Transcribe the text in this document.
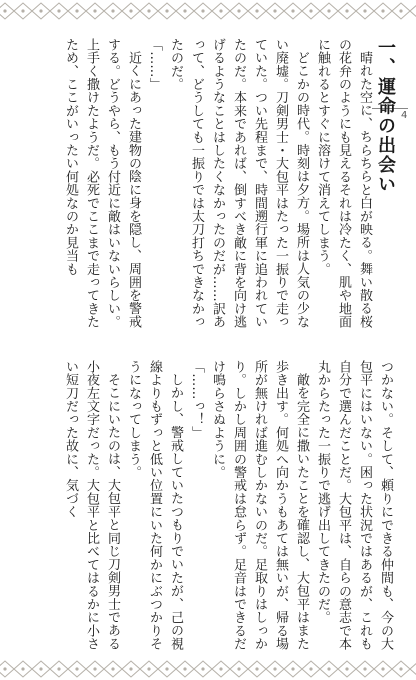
4
一、運命の出会い

晴れた空に、ちらちらと白が映る。舞い散る桜の花弁のようにも見えるそれは冷たく、肌や地面に触れるとすぐに溶けて消えてしまう。

どこかの時代。時刻は夕方。場所は人気の少ない廃墟。刀剣男士・大包平はたった一振りで走っていた。つい先程まで、時間遡行軍に追われていたのだ。本来であれば、倒すべき敵に背を向け逃げるようなことはしたくなかったのだが……訳あって、どうしても一振りでは太刀打ちできなかったのだ。

「……」

近くにあった建物の陰に身を隠し、周囲を警戒する。どうやら、もう付近に敵はいないらしい。上手く撒けたようだ。必死でここまで走ってきたため、ここがいったい何処なのか見当も

つかない。そして、頼りにできる仲間も、今の大包平にはいない。困った状況ではあるが、これも自分で選んだことだ。大包平は、自らの意志で本丸からたった一振りで逃げ出してきたのだ。

敵を完全に撒いたことを確認し、大包平はまた歩き出す。何処へ向かうもあては無いが、帰る場所が無ければ進むしかないのだ。足取りはしっかり。しかし周囲の警戒は怠らず。足音はできるだけ鳴らさぬように。

「……っ！」

しかし、警戒していたつもりでいたが、己の視線よりもずっと低い位置にいた何かにぶつかりそうになってしまう。

そこにいたのは、大包平と同じ刀剣男士である小夜左文字だった。大包平と比べてはるかに小さい短刀だった故に、気づく
